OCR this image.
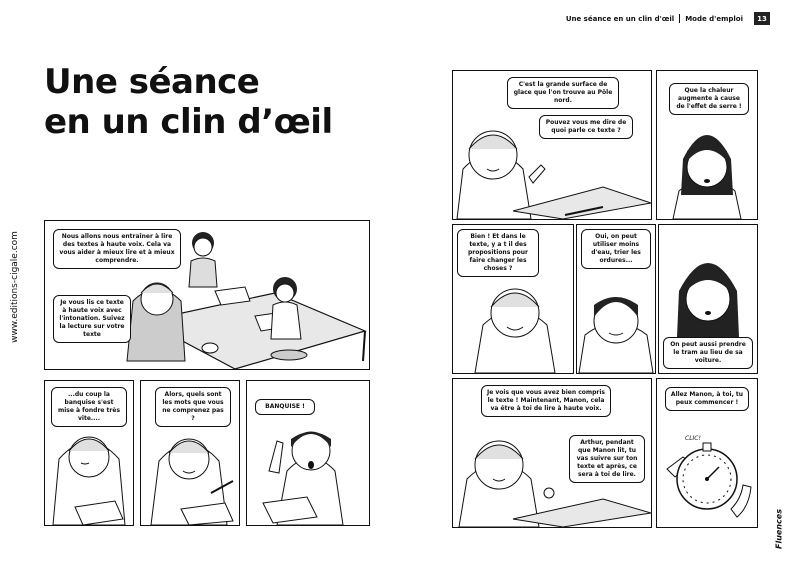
Une séance
en un clin d’œil
www.editions-cigale.com	Nous allons nous entraîner à lire des textes à haute voix. Cela va vous aider à mieux lire et à mieux comprendre.
Je vous lis ce texte à haute voix avec l'intonation. Suivez la lecture sur votre texte
...du coup la banquise s'est mise à fondre très vite....
Alors, quels sont les mots que vous ne comprenez pas ?
BANQUISE !
Une séance en un clin d'œil Mode d'emploi	13
C'est la grande surface de glace que l'on trouve au Pôle nord.
Pouvez vous me dire de quoi parle ce texte ?
Que la chaleur augmente à cause de l'effet de serre !
Bien ! Et dans le texte, y a t il des propositions pour faire changer les choses ?
Oui, on peut utiliser moins d'eau, trier les ordures...
On peut aussi prendre le tram au lieu de sa voiture.
Je vois que vous avez bien compris le texte ! Maintenant, Manon, cela va être à toi de lire à haute voix.
Arthur, pendant que Manon lit, tu vas suivre sur ton texte et après, ce sera à toi de lire.
Allez Manon, à toi, tu peux commencer !
CLIC!
Fluences
